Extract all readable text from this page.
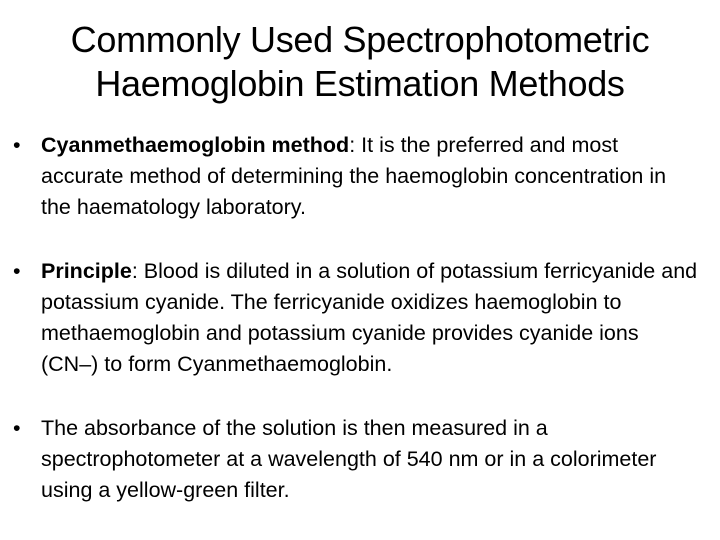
Commonly Used Spectrophotometric
Haemoglobin Estimation Methods
• Cyanmethaemoglobin method: It is the preferred and most accurate method of determining the haemoglobin concentration in the haematology laboratory.
• Principle: Blood is diluted in a solution of potassium ferricyanide and potassium cyanide. The ferricyanide oxidizes haemoglobin to methaemoglobin and potassium cyanide provides cyanide ions (CN–) to form Cyanmethaemoglobin.
• The absorbance of the solution is then measured in a spectrophotometer at a wavelength of 540 nm or in a colorimeter using a yellow-green filter.
